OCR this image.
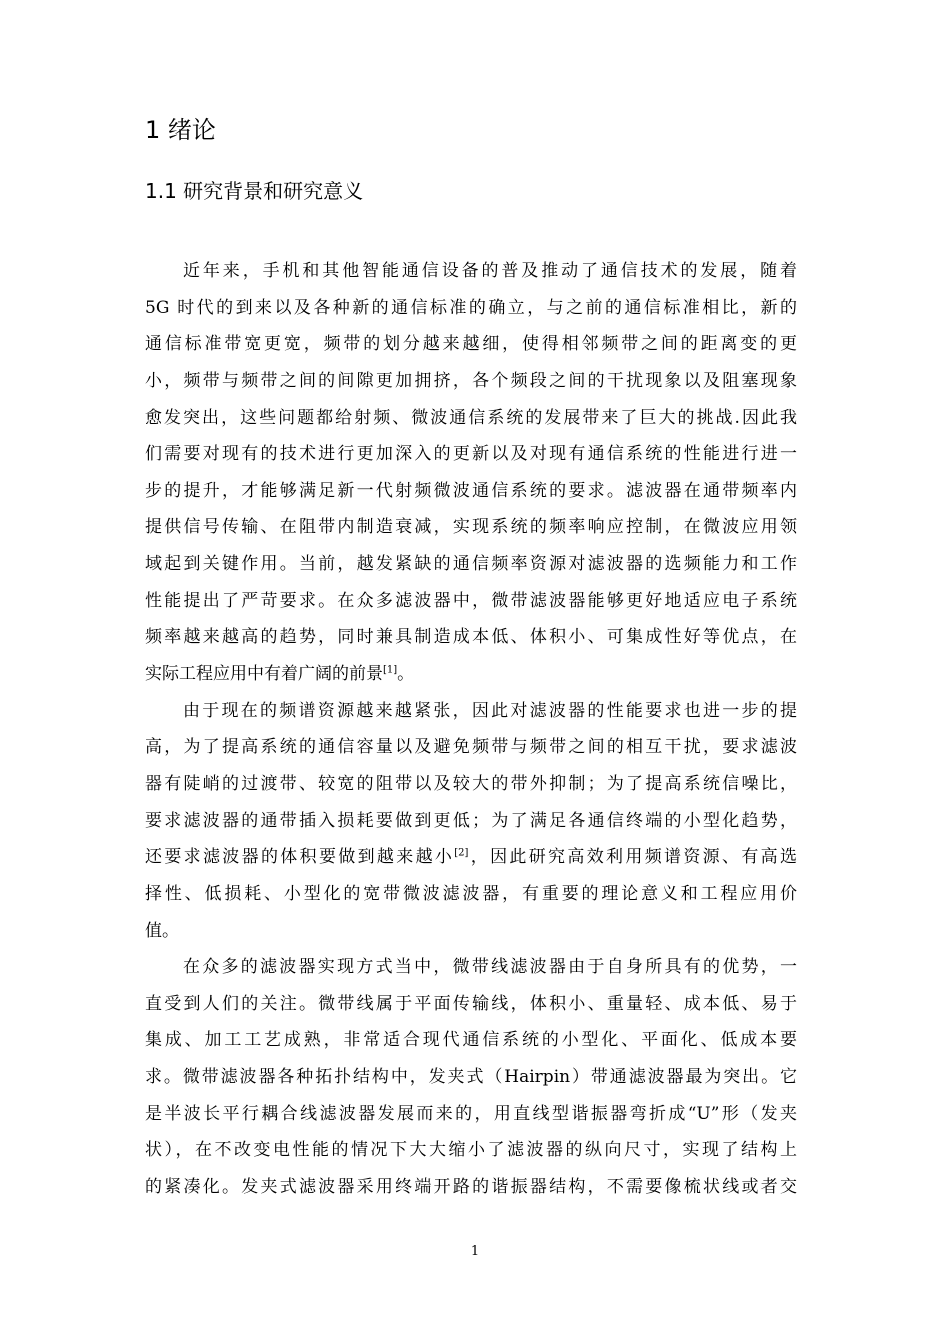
1 绪论
1.1 研究背景和研究意义
近年来，手机和其他智能通信设备的普及推动了通信技术的发展，随着
5G 时代的到来以及各种新的通信标准的确立，与之前的通信标准相比，新的
通信标准带宽更宽，频带的划分越来越细，使得相邻频带之间的距离变的更
小，频带与频带之间的间隙更加拥挤，各个频段之间的干扰现象以及阻塞现象
愈发突出，这些问题都给射频、微波通信系统的发展带来了巨大的挑战.因此我
们需要对现有的技术进行更加深入的更新以及对现有通信系统的性能进行进一
步的提升，才能够满足新一代射频微波通信系统的要求。滤波器在通带频率内
提供信号传输、在阻带内制造衰减，实现系统的频率响应控制，在微波应用领
域起到关键作用。当前，越发紧缺的通信频率资源对滤波器的选频能力和工作
性能提出了严苛要求。在众多滤波器中，微带滤波器能够更好地适应电子系统
频率越来越高的趋势，同时兼具制造成本低、体积小、可集成性好等优点，在
实际工程应用中有着广阔的前景[1]。
由于现在的频谱资源越来越紧张，因此对滤波器的性能要求也进一步的提
高，为了提高系统的通信容量以及避免频带与频带之间的相互干扰，要求滤波
器有陡峭的过渡带、较宽的阻带以及较大的带外抑制；为了提高系统信噪比，
要求滤波器的通带插入损耗要做到更低；为了满足各通信终端的小型化趋势，
还要求滤波器的体积要做到越来越小[2]，因此研究高效利用频谱资源、有高选
择性、低损耗、小型化的宽带微波滤波器，有重要的理论意义和工程应用价
值。
在众多的滤波器实现方式当中，微带线滤波器由于自身所具有的优势，一
直受到人们的关注。微带线属于平面传输线，体积小、重量轻、成本低、易于
集成、加工工艺成熟，非常适合现代通信系统的小型化、平面化、低成本要
求。微带滤波器各种拓扑结构中，发夹式（Hairpin）带通滤波器最为突出。它
是半波长平行耦合线滤波器发展而来的，用直线型谐振器弯折成“U”形（发夹
状），在不改变电性能的情况下大大缩小了滤波器的纵向尺寸，实现了结构上
的紧凑化。发夹式滤波器采用终端开路的谐振器结构，不需要像梳状线或者交
1
